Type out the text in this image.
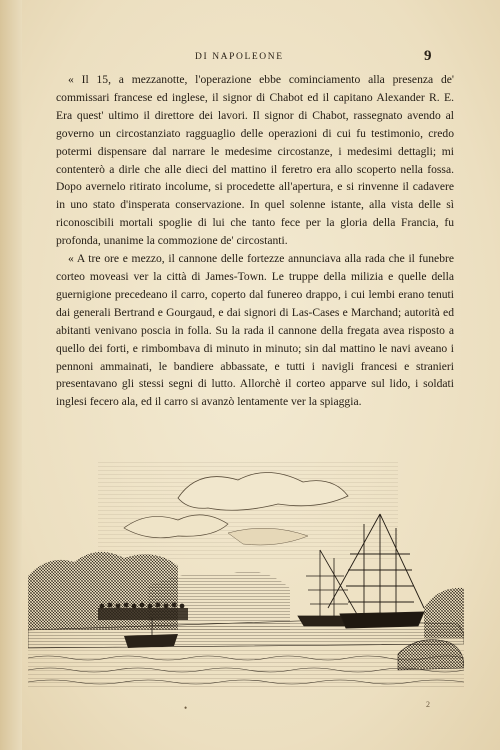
DI NAPOLEONE	9

« Il 15, a mezzanotte, l'operazione ebbe cominciamento alla presenza de' commissari francese ed inglese, il signor di Chabot ed il capitano Alexander R. E. Era quest' ultimo il direttore dei lavori. Il signor di Chabot, rassegnato avendo al governo un circostanziato ragguaglio delle operazioni di cui fu testimonio, credo potermi dispensare dal narrare le medesime circostanze, i medesimi dettagli; mi contenterò a dirle che alle dieci del mattino il feretro era allo scoperto nella fossa. Dopo avernelo ritirato incolume, si procedette all'apertura, e si rinvenne il cadavere in uno stato d'insperata conservazione. In quel solenne istante, alla vista delle sì riconoscibili mortali spoglie di lui che tanto fece per la gloria della Francia, fu profonda, unanime la commozione de' circostanti.

« A tre ore e mezzo, il cannone delle fortezze annunciava alla rada che il funebre corteo moveasi ver la città di James-Town. Le truppe della milizia e quelle della guernigione precedeano il carro, coperto dal funereo drappo, i cui lembi erano tenuti dai generali Bertrand e Gourgaud, e dai signori di Las-Cases e Marchand; autorità ed abitanti venivano poscia in folla. Su la rada il cannone della fregata avea risposto a quello dei forti, e rimbombava di minuto in minuto; sin dal mattino le navi aveano i pennoni ammainati, le bandiere abbassate, e tutti i navigli francesi e stranieri presentavano gli stessi segni di lutto. Allorchè il corteo apparve sul lido, i soldati inglesi fecero ala, ed il carro si avanzò lentamente ver la spiaggia.

•	2
